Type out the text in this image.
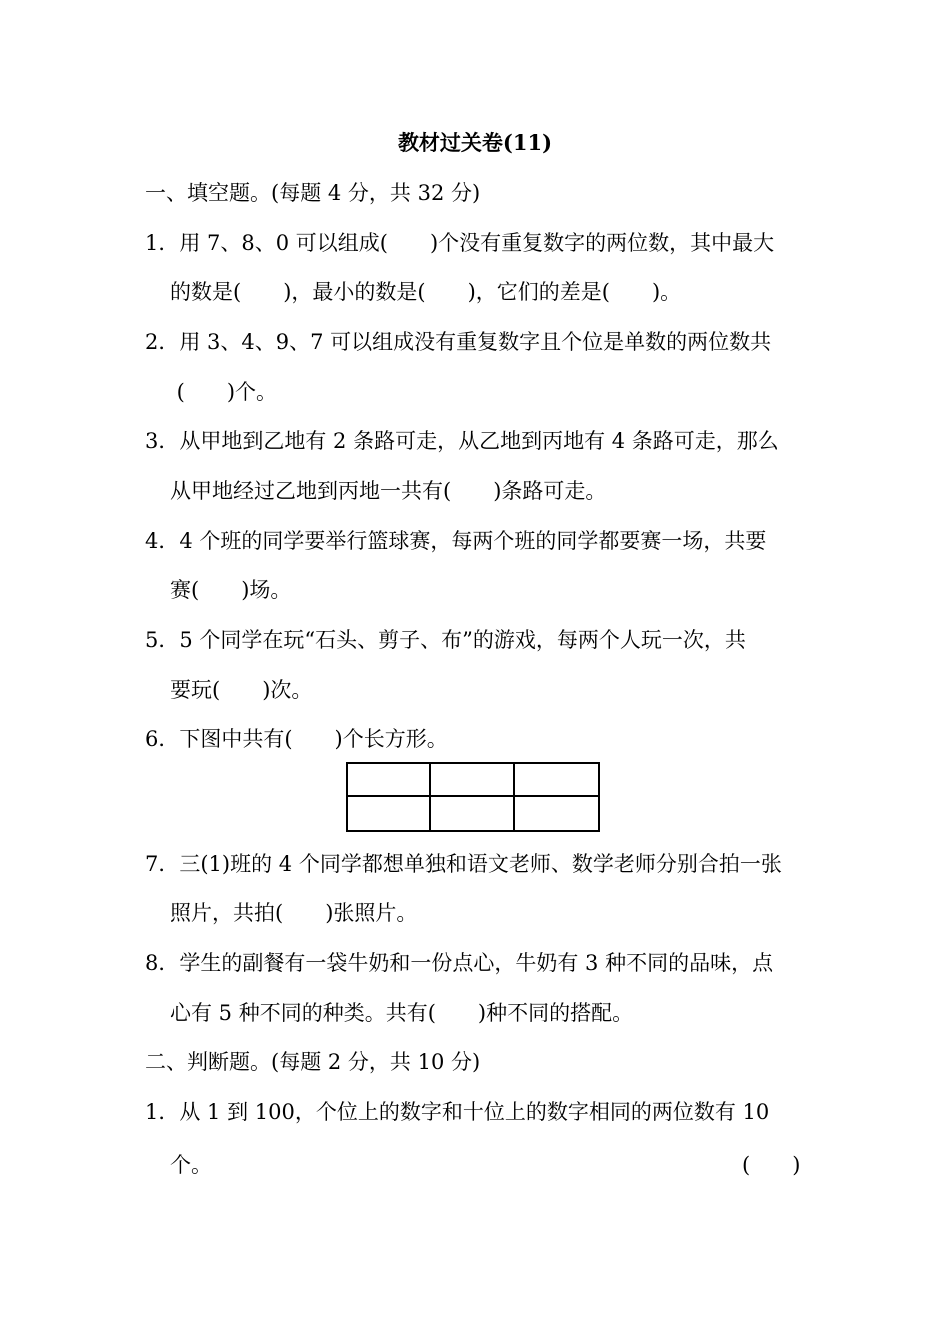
教材过关卷(11)
一、填空题。(每题 4 分，共 32 分)
1．用 7、8、0 可以组成(　　)个没有重复数字的两位数，其中最大
的数是(　　)，最小的数是(　　)，它们的差是(　　)。
2．用 3、4、9、7 可以组成没有重复数字且个位是单数的两位数共
(　　)个。
3．从甲地到乙地有 2 条路可走，从乙地到丙地有 4 条路可走，那么
从甲地经过乙地到丙地一共有(　　)条路可走。
4．4 个班的同学要举行篮球赛，每两个班的同学都要赛一场，共要
赛(　　)场。
5．5 个同学在玩“石头、剪子、布”的游戏，每两个人玩一次，共
要玩(　　)次。
6．下图中共有(　　)个长方形。
7．三(1)班的 4 个同学都想单独和语文老师、数学老师分别合拍一张
照片，共拍(　　)张照片。
8．学生的副餐有一袋牛奶和一份点心，牛奶有 3 种不同的品味，点
心有 5 种不同的种类。共有(　　)种不同的搭配。
二、判断题。(每题 2 分，共 10 分)
1．从 1 到 100，个位上的数字和十位上的数字相同的两位数有 10
个。	(　　)
